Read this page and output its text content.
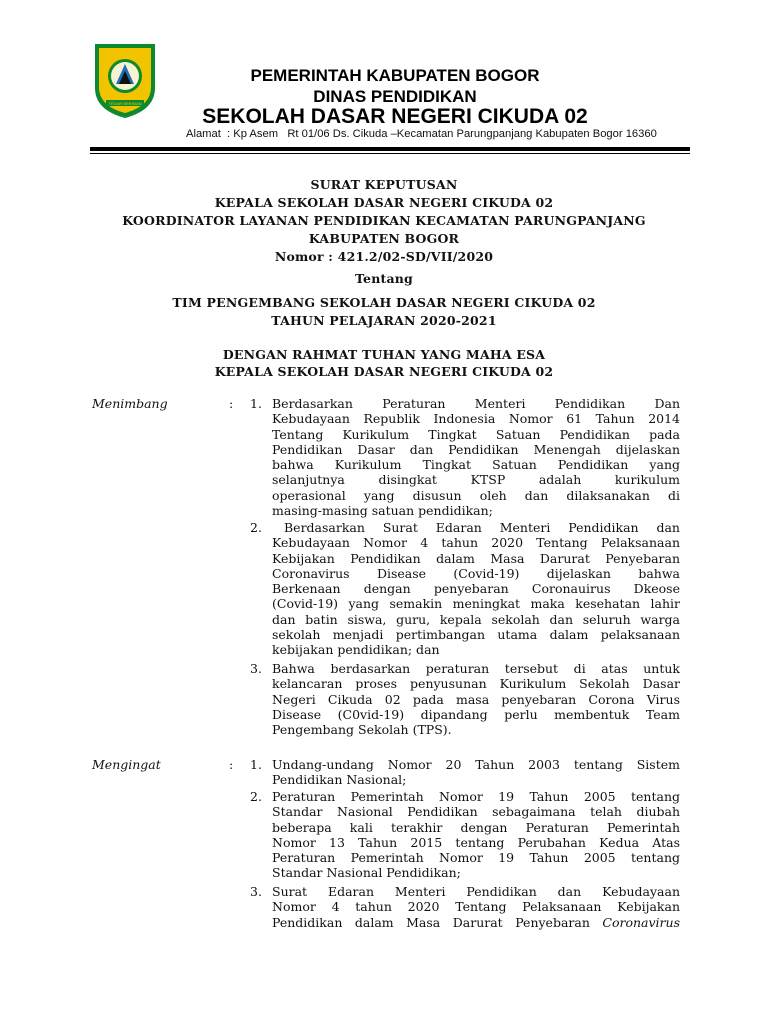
TEGAR BERIMAN
PEMERINTAH KABUPATEN BOGOR
DINAS PENDIDIKAN
SEKOLAH DASAR NEGERI CIKUDA 02
Alamat  : Kp Asem   Rt 01/06 Ds. Cikuda –Kecamatan Parungpanjang Kabupaten Bogor 16360
SURAT KEPUTUSAN
KEPALA SEKOLAH DASAR NEGERI CIKUDA 02
KOORDINATOR LAYANAN PENDIDIKAN KECAMATAN PARUNGPANJANG
KABUPATEN BOGOR
Nomor : 421.2/02-SD/VII/2020
Tentang
TIM PENGEMBANG SEKOLAH DASAR NEGERI CIKUDA 02
TAHUN PELAJARAN 2020-2021
DENGAN RAHMAT TUHAN YANG MAHA ESA
KEPALA SEKOLAH DASAR NEGERI CIKUDA 02
Menimbang	: 1. Berdasarkan Peraturan Menteri Pendidikan Dan
Kebudayaan Republik Indonesia Nomor 61 Tahun 2014
Tentang Kurikulum Tingkat Satuan Pendidikan pada
Pendidikan Dasar dan Pendidikan Menengah dijelaskan
bahwa Kurikulum Tingkat Satuan Pendidikan yang
selanjutnya disingkat KTSP adalah kurikulum
operasional yang disusun oleh dan dilaksanakan di
masing-masing satuan pendidikan;
2.	Berdasarkan Surat Edaran Menteri Pendidikan dan
Kebudayaan Nomor 4 tahun 2020 Tentang Pelaksanaan
Kebijakan Pendidikan dalam Masa Darurat Penyebaran
Coronavirus Disease (Covid-19) dijelaskan bahwa
Berkenaan dengan penyebaran Coronauirus Dkeose
(Covid-19) yang semakin meningkat maka kesehatan lahir
dan batin siswa, guru, kepala sekolah dan seluruh warga
sekolah menjadi pertimbangan utama dalam pelaksanaan
kebijakan pendidikan; dan
3. Bahwa berdasarkan peraturan tersebut di atas untuk
kelancaran proses penyusunan Kurikulum Sekolah Dasar
Negeri Cikuda 02 pada masa penyebaran Corona Virus
Disease (C0vid-19) dipandang perlu membentuk Team
Pengembang Sekolah (TPS).
Mengingat	: 1. Undang-undang Nomor 20 Tahun 2003 tentang Sistem
Pendidikan Nasional;
2. Peraturan Pemerintah Nomor 19 Tahun 2005 tentang
Standar Nasional Pendidikan sebagaimana telah diubah
beberapa kali terakhir dengan Peraturan Pemerintah
Nomor 13 Tahun 2015 tentang Perubahan Kedua Atas
Peraturan Pemerintah Nomor 19 Tahun 2005 tentang
Standar Nasional Pendidikan;
3. Surat Edaran Menteri Pendidikan dan Kebudayaan
Nomor 4 tahun 2020 Tentang Pelaksanaan Kebijakan
Pendidikan dalam Masa Darurat Penyebaran Coronavirus
